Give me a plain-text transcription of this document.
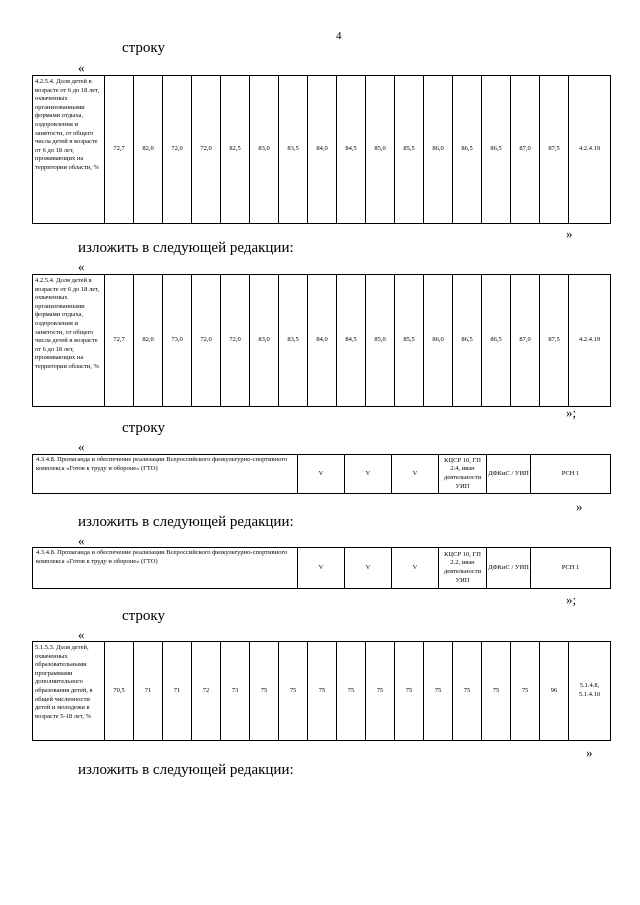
4
строку
«
4.2.5.4. Доля детей в возрасте от 6 до 18 лет, охваченных организованными формами отдыха, оздоровления и занятости, от общего числа детей в возрасте от 6 до 18 лет, проживающих на территории области, %	72,7	82,0	72,0	72,0	82,5	83,0	83,5	84,0	84,5	85,0	85,5	86,0	86,5	86,5	87,0	87,5	4.2.4.19
»
изложить в следующей редакции:
«
4.2.5.4. Доля детей в возрасте от 6 до 18 лет, охваченных организованными формами отдыха, оздоровления и занятости, от общего числа детей в возрасте от 6 до 18 лет, проживающих на территории области, %	72,7	82,0	73,0	72,0	72,0	83,0	83,5	84,0	84,5	85,0	85,5	86,0	86,5	86,5	87,0	87,5	4.2.4.19
»;
строку
«
4.3.4.8. Пропаганда и обеспечение реализации Всероссийского физкультурно-спортивного комплекса «Готов к труду и обороне» (ГТО)	V	V	V	КЦСР 10, ГП 2.4, иван деятельности УИП	ДФКиС / УИП	РСН 1
»
изложить в следующей редакции:
«
4.3.4.8. Пропаганда и обеспечение реализации Всероссийского физкультурно-спортивного комплекса «Готов к труду и обороне» (ГТО)	V	V	V	КЦСР 10, ГП 2.2, иван деятельности УИП	ДФКиС / УИП	РСН 1
»;
строку
«
5.1.5.3. Доля детей, охваченных образовательными программами дополнительного образования детей, в общей численности детей и молодежи в возрасте 5-18 лет, %	70,5	71	71	72	73	75	75	75	75	75	75	75	75	75	75	96	5.1.4.8, 5.1.4.10
»
изложить в следующей редакции:
